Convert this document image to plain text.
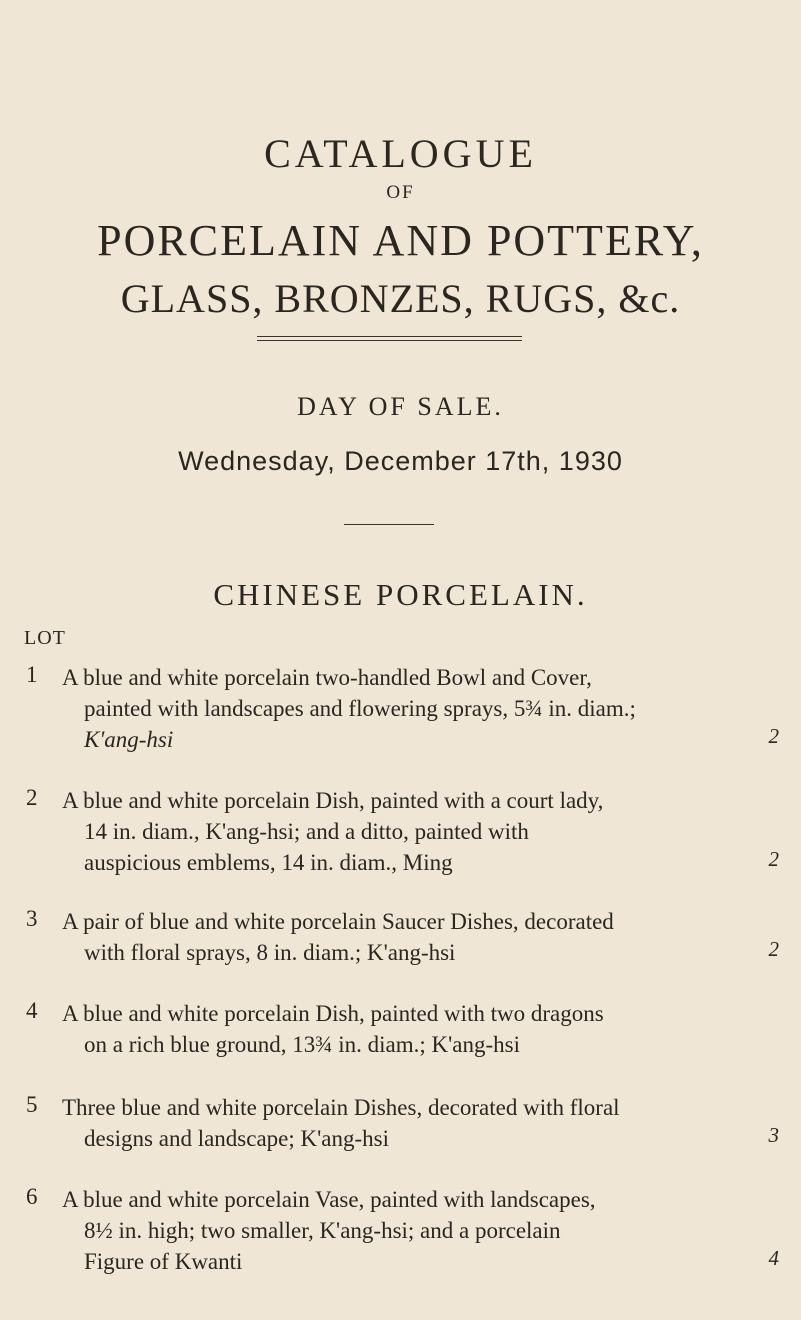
CATALOGUE
OF
PORCELAIN AND POTTERY,
GLASS, BRONZES, RUGS, &c.
DAY OF SALE.
Wednesday, December 17th, 1930
CHINESE PORCELAIN.
LOT
1 A blue and white porcelain two-handled Bowl and Cover,
painted with landscapes and flowering sprays, 5¾ in. diam.;
K'ang-hsi	2
2 A blue and white porcelain Dish, painted with a court lady,
14 in. diam., K'ang-hsi; and a ditto, painted with
auspicious emblems, 14 in. diam., Ming	2
3 A pair of blue and white porcelain Saucer Dishes, decorated
with floral sprays, 8 in. diam.; K'ang-hsi	2
4 A blue and white porcelain Dish, painted with two dragons
on a rich blue ground, 13¾ in. diam.; K'ang-hsi
5 Three blue and white porcelain Dishes, decorated with floral
designs and landscape; K'ang-hsi	3
6 A blue and white porcelain Vase, painted with landscapes,
8½ in. high; two smaller, K'ang-hsi; and a porcelain
Figure of Kwanti	4
